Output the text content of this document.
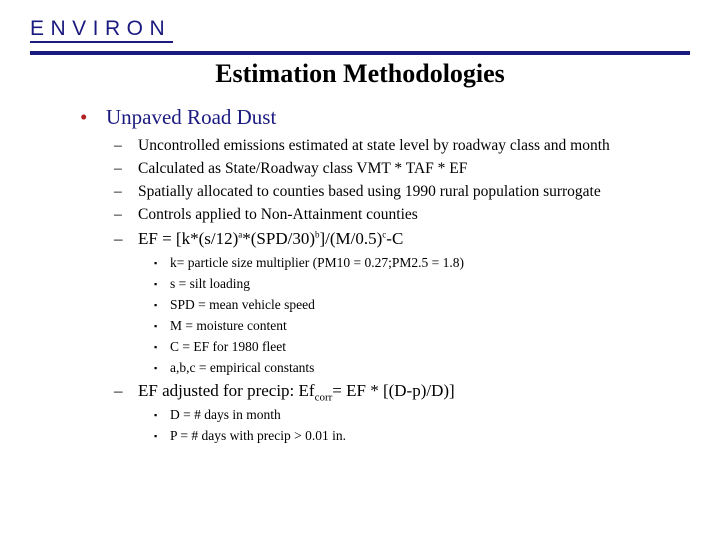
ENVIRON
Estimation Methodologies
• Unpaved Road Dust
– Uncontrolled emissions estimated at state level by roadway class and month
– Calculated as State/Roadway class VMT * TAF * EF
– Spatially allocated to counties based using 1990 rural population surrogate
– Controls applied to Non-Attainment counties
– EF = $[k*(s/12)^a*(SPD/30)^b]/(M/0.5)^c-C$
▪ k= particle size multiplier (PM10 = 0.27;PM2.5 = 1.8)
▪ s = silt loading
▪ SPD = mean vehicle speed
▪ M = moisture content
▪ C = EF for 1980 fleet
▪ a,b,c = empirical constants
– EF adjusted for precip: $Ef_{corr}=$ EF * [(D-p)/D)]
▪ D = # days in month
▪ P = # days with precip > 0.01 in.
